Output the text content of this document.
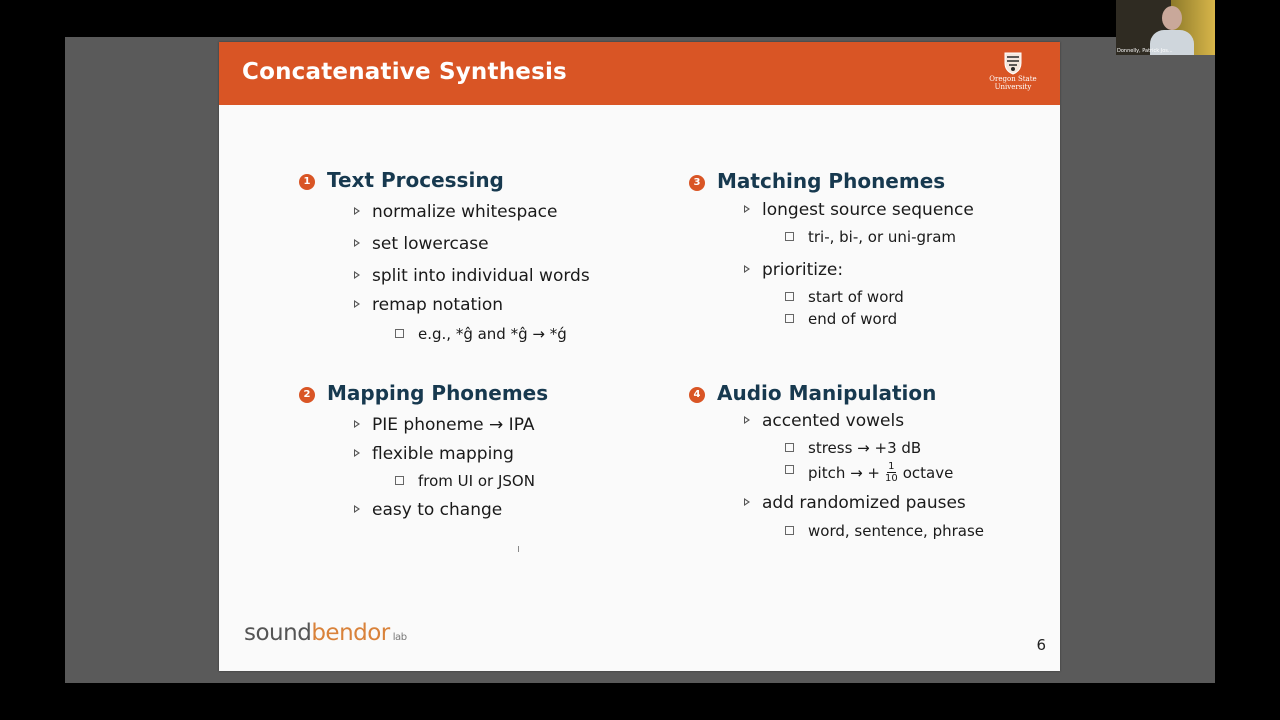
Concatenative Synthesis	Oregon State
University
1 Text Processing
normalize whitespace
set lowercase
split into individual words
remap notation
e.g., *ĝ and *ĝ → *ǵ
2 Mapping Phonemes
PIE phoneme → IPA
flexible mapping
from UI or JSON
easy to change
3 Matching Phonemes
longest source sequence
tri-, bi-, or uni-gram
prioritize:
start of word
end of word
4 Audio Manipulation
accented vowels
stress → +3 dB
pitch → + $\frac{1}{10}$ octave
add randomized pauses
word, sentence, phrase
soundbendor lab	6
Donnelly, Patrick Jos...
